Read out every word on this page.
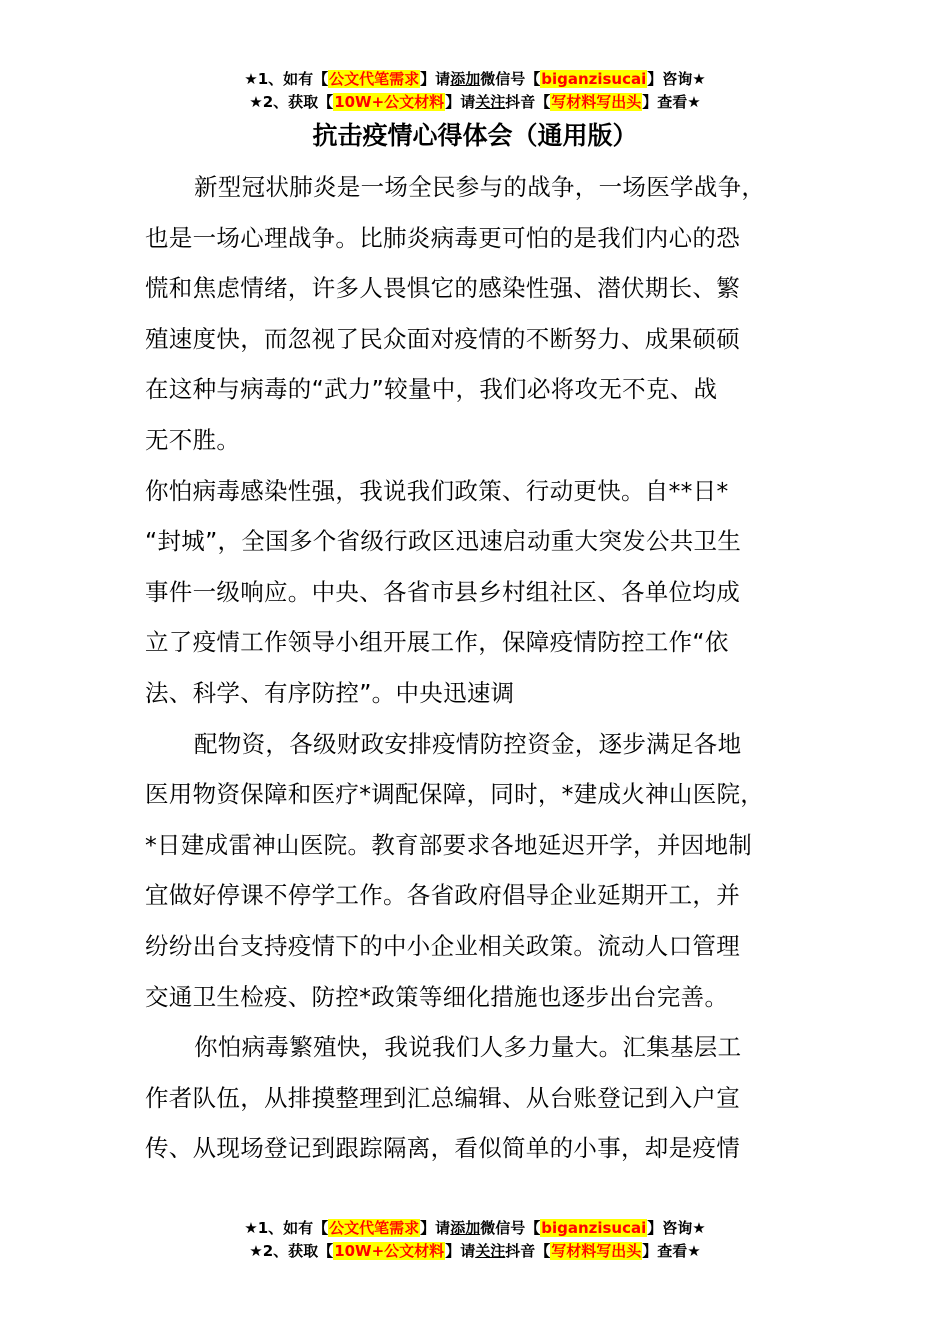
★1、如有【公文代笔需求】请添加微信号【biganzisucai】咨询★
★2、获取【10W+公文材料】请关注抖音【写材料写出头】查看★
抗击疫情心得体会（通用版）
新型冠状肺炎是一场全民参与的战争，一场医学战争，
也是一场心理战争。比肺炎病毒更可怕的是我们内心的恐
慌和焦虑情绪，许多人畏惧它的感染性强、潜伏期长、繁
殖速度快，而忽视了民众面对疫情的不断努力、成果硕硕
在这种与病毒的“武力”较量中，我们必将攻无不克、战
无不胜。
你怕病毒感染性强，我说我们政策、行动更快。自**日*
“封城”，全国多个省级行政区迅速启动重大突发公共卫生
事件一级响应。中央、各省市县乡村组社区、各单位均成
立了疫情工作领导小组开展工作，保障疫情防控工作“依
法、科学、有序防控”。中央迅速调
配物资，各级财政安排疫情防控资金，逐步满足各地
医用物资保障和医疗*调配保障，同时，*建成火神山医院，
*日建成雷神山医院。教育部要求各地延迟开学，并因地制
宜做好停课不停学工作。各省政府倡导企业延期开工，并
纷纷出台支持疫情下的中小企业相关政策。流动人口管理
交通卫生检疫、防控*政策等细化措施也逐步出台完善。
你怕病毒繁殖快，我说我们人多力量大。汇集基层工
作者队伍，从排摸整理到汇总编辑、从台账登记到入户宣
传、从现场登记到跟踪隔离，看似简单的小事，却是疫情
★1、如有【公文代笔需求】请添加微信号【biganzisucai】咨询★
★2、获取【10W+公文材料】请关注抖音【写材料写出头】查看★
